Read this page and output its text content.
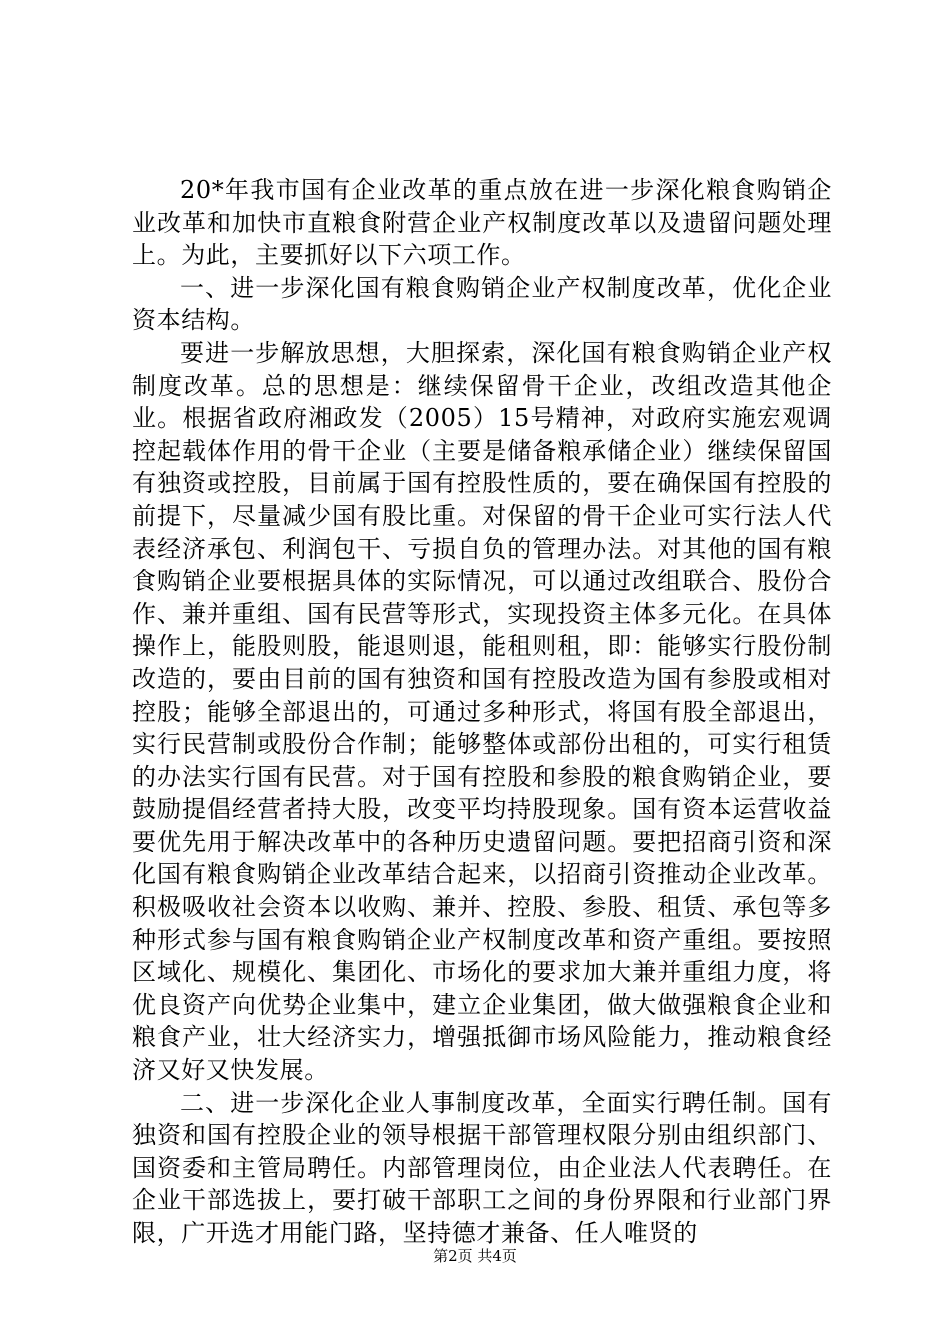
20*年我市国有企业改革的重点放在进一步深化粮食购销企业改革和加快市直粮食附营企业产权制度改革以及遗留问题处理上。为此，主要抓好以下六项工作。

一、进一步深化国有粮食购销企业产权制度改革，优化企业资本结构。

要进一步解放思想，大胆探索，深化国有粮食购销企业产权制度改革。总的思想是：继续保留骨干企业，改组改造其他企业。根据省政府湘政发（2005）15号精神，对政府实施宏观调控起载体作用的骨干企业（主要是储备粮承储企业）继续保留国有独资或控股，目前属于国有控股性质的，要在确保国有控股的前提下，尽量减少国有股比重。对保留的骨干企业可实行法人代表经济承包、利润包干、亏损自负的管理办法。对其他的国有粮食购销企业要根据具体的实际情况，可以通过改组联合、股份合作、兼并重组、国有民营等形式，实现投资主体多元化。在具体操作上，能股则股，能退则退，能租则租，即：能够实行股份制改造的，要由目前的国有独资和国有控股改造为国有参股或相对控股；能够全部退出的，可通过多种形式，将国有股全部退出，实行民营制或股份合作制；能够整体或部份出租的，可实行租赁的办法实行国有民营。对于国有控股和参股的粮食购销企业，要鼓励提倡经营者持大股，改变平均持股现象。国有资本运营收益要优先用于解决改革中的各种历史遗留问题。要把招商引资和深化国有粮食购销企业改革结合起来，以招商引资推动企业改革。积极吸收社会资本以收购、兼并、控股、参股、租赁、承包等多种形式参与国有粮食购销企业产权制度改革和资产重组。要按照区域化、规模化、集团化、市场化的要求加大兼并重组力度，将优良资产向优势企业集中，建立企业集团，做大做强粮食企业和粮食产业，壮大经济实力，增强抵御市场风险能力，推动粮食经济又好又快发展。

二、进一步深化企业人事制度改革，全面实行聘任制。国有独资和国有控股企业的领导根据干部管理权限分别由组织部门、国资委和主管局聘任。内部管理岗位，由企业法人代表聘任。在企业干部选拔上，要打破干部职工之间的身份界限和行业部门界限，广开选才用能门路，坚持德才兼备、任人唯贤的

第2页 共4页
